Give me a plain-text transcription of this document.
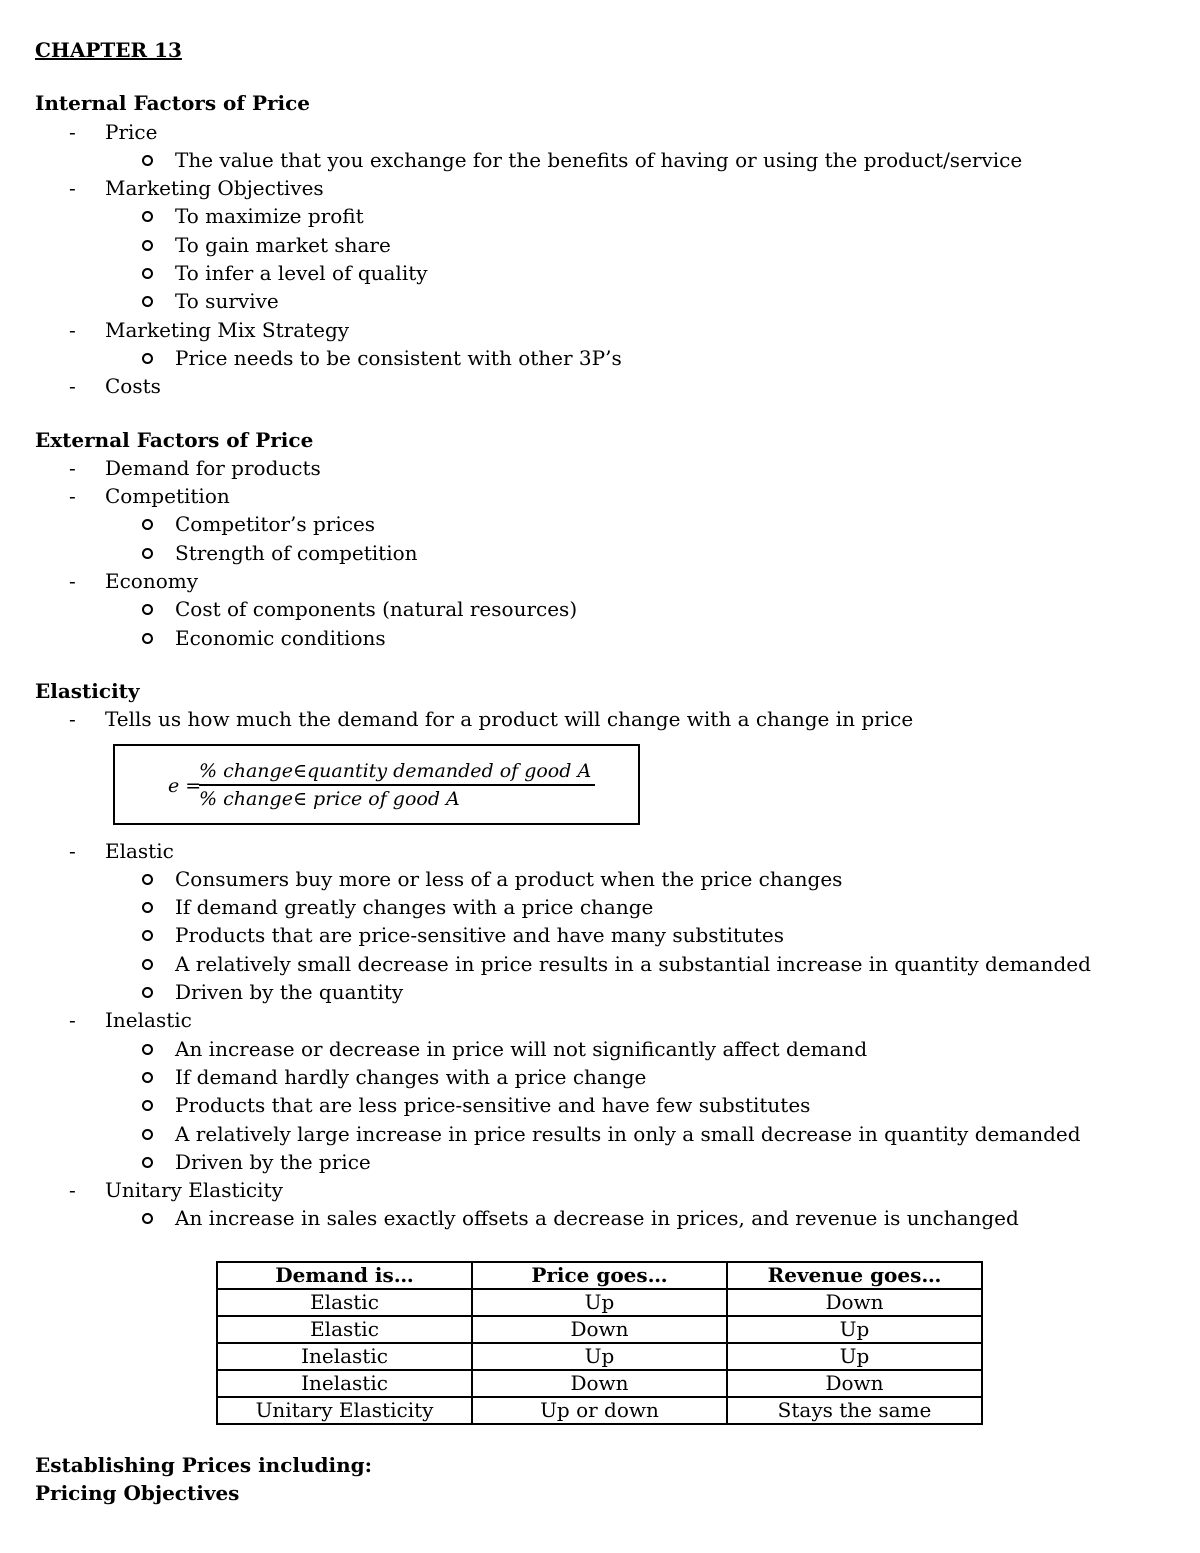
CHAPTER 13

Internal Factors of Price

- Price
The value that you exchange for the benefits of having or using the product/service
- Marketing Objectives
To maximize profit
To gain market share
To infer a level of quality
To survive
- Marketing Mix Strategy
Price needs to be consistent with other 3P’s
- Costs

External Factors of Price

- Demand for products
- Competition
Competitor’s prices
Strength of competition
- Economy
Cost of components (natural resources)
Economic conditions

Elasticity

- Tells us how much the demand for a product will change with a change in price
e =
% change∈quantity demanded of good A
% change∈ price of good A
- Elastic
Consumers buy more or less of a product when the price changes
If demand greatly changes with a price change
Products that are price-sensitive and have many substitutes
A relatively small decrease in price results in a substantial increase in quantity demanded
Driven by the quantity
- Inelastic
An increase or decrease in price will not significantly affect demand
If demand hardly changes with a price change
Products that are less price-sensitive and have few substitutes
A relatively large increase in price results in only a small decrease in quantity demanded
Driven by the price
- Unitary Elasticity
An increase in sales exactly offsets a decrease in prices, and revenue is unchanged
Demand is…	Price goes…	Revenue goes…
Elastic	Up	Down
Elastic	Down	Up
Inelastic	Up	Up
Inelastic	Down	Down
Unitary Elasticity	Up or down	Stays the same

Establishing Prices including:

Pricing Objectives
